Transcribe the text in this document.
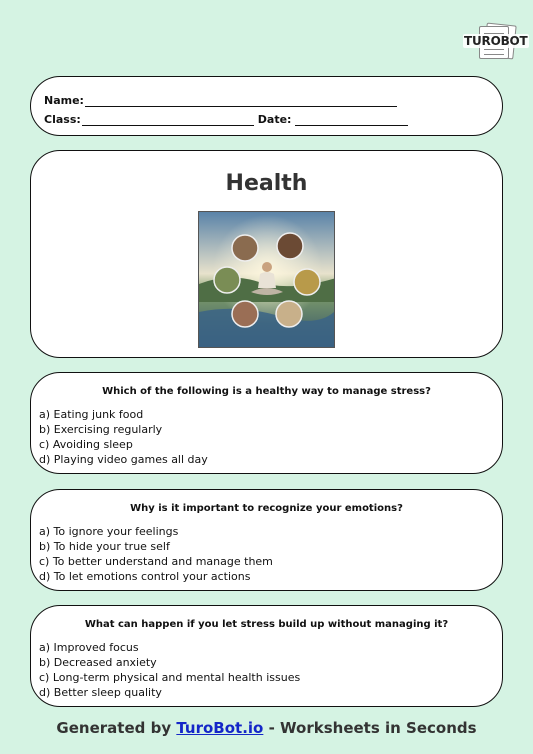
TUROBOT
Name:
Class:	Date:
Health
Which of the following is a healthy way to manage stress?
a) Eating junk food
b) Exercising regularly
c) Avoiding sleep
d) Playing video games all day
Why is it important to recognize your emotions?
a) To ignore your feelings
b) To hide your true self
c) To better understand and manage them
d) To let emotions control your actions
What can happen if you let stress build up without managing it?
a) Improved focus
b) Decreased anxiety
c) Long-term physical and mental health issues
d) Better sleep quality
Generated by TuroBot.io - Worksheets in Seconds
